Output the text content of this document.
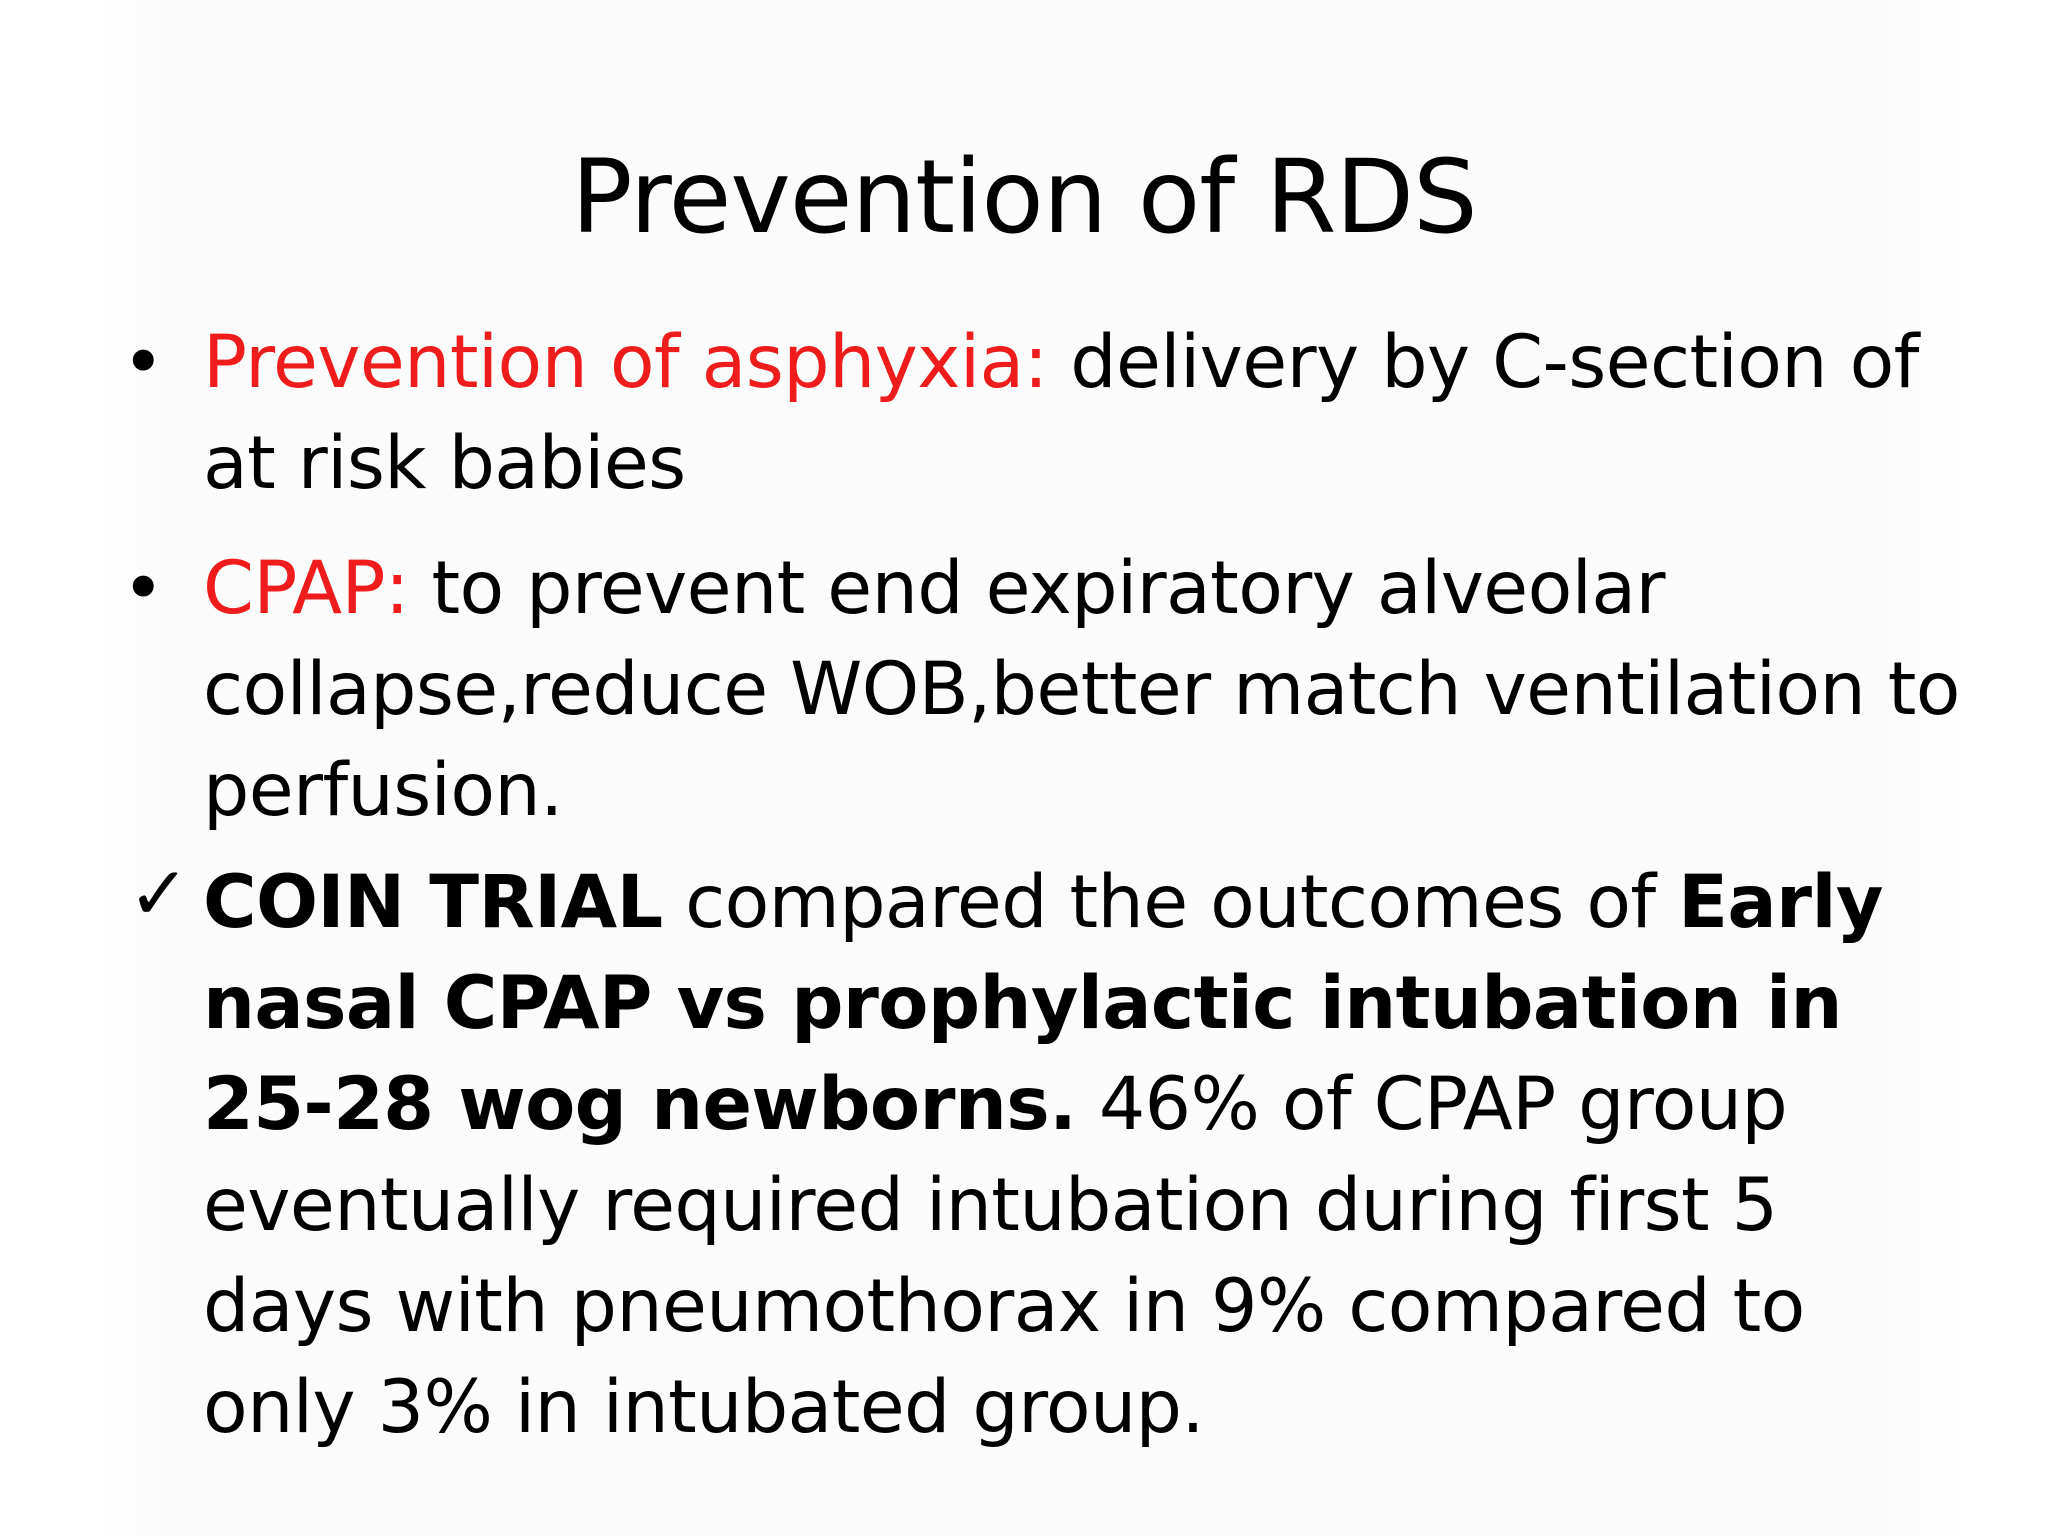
Prevention of RDS
• Prevention of asphyxia: delivery by C-section of at risk babies
• CPAP: to prevent end expiratory alveolar collapse,reduce WOB,better match ventilation to perfusion.
✓ COIN TRIAL compared the outcomes of Early nasal CPAP vs prophylactic intubation in 25-28 wog newborns. 46% of CPAP group eventually required intubation during first 5 days with pneumothorax in 9% compared to only 3% in intubated group.
